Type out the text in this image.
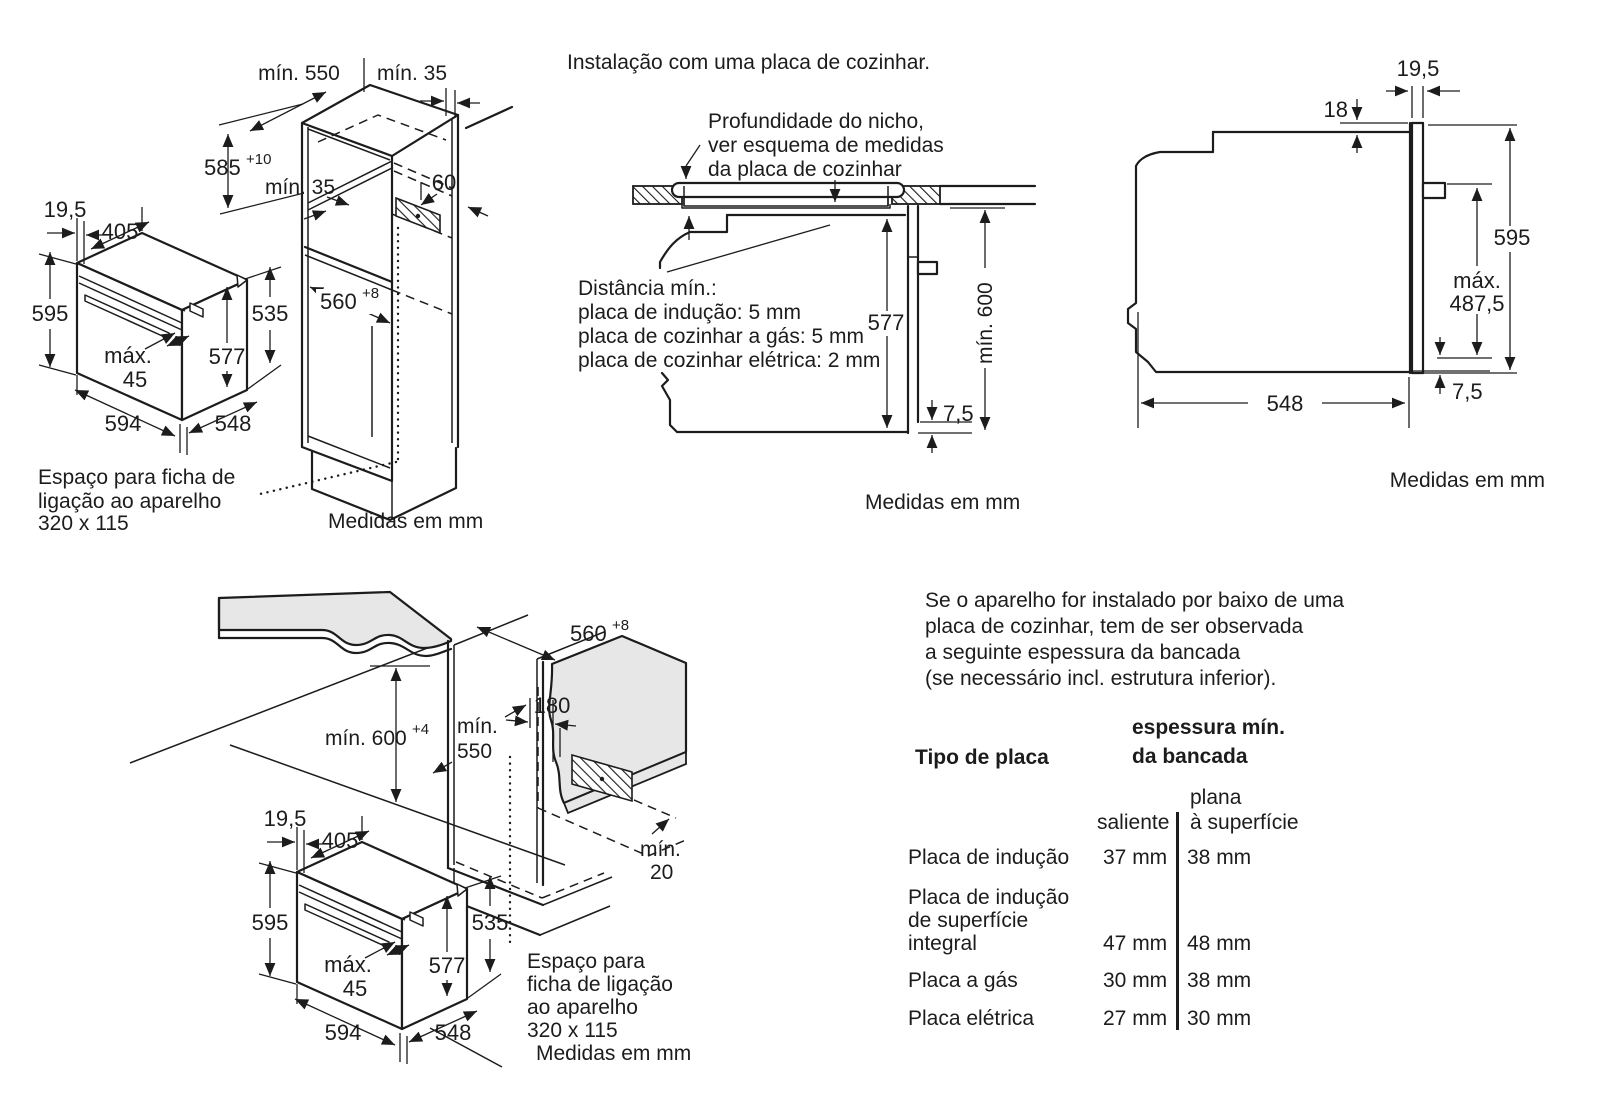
mín. 550 mín. 35
585 +10
mín. 35	60
560 +8
Espaço para ficha de
ligação ao aparelho
320 x 115	Medidas em mm
19,5
405
595
máx.
45
577
535
594	548
Instalação com uma placa de cozinhar.
Profundidade do nicho,
ver esquema de medidas
da placa de cozinhar
Distância mín.:
placa de indução: 5 mm
placa de cozinhar a gás: 5 mm
placa de cozinhar elétrica: 2 mm
577	mín. 600
7,5
Medidas em mm
19,5
18
595
máx.
487,5
7,5
548
Medidas em mm
560 +8
mín. 600 +4 mín.
550
180
mín.
20
Espaço para
ficha de ligação
ao aparelho
320 x 115
Medidas em mm
19,5
405
595
máx.
45
577
535
594	548
Se o aparelho for instalado por baixo de uma
placa de cozinhar, tem de ser observada
a seguinte espessura da bancada
(se necessário incl. estrutura inferior).
Tipo de placa
espessura mín.
da bancada
saliente
plana
à superfície
Placa de indução 37 mm 38 mm
Placa de indução
de superfície
integral	47 mm 48 mm
Placa a gás	30 mm 38 mm
Placa elétrica	27 mm 30 mm
